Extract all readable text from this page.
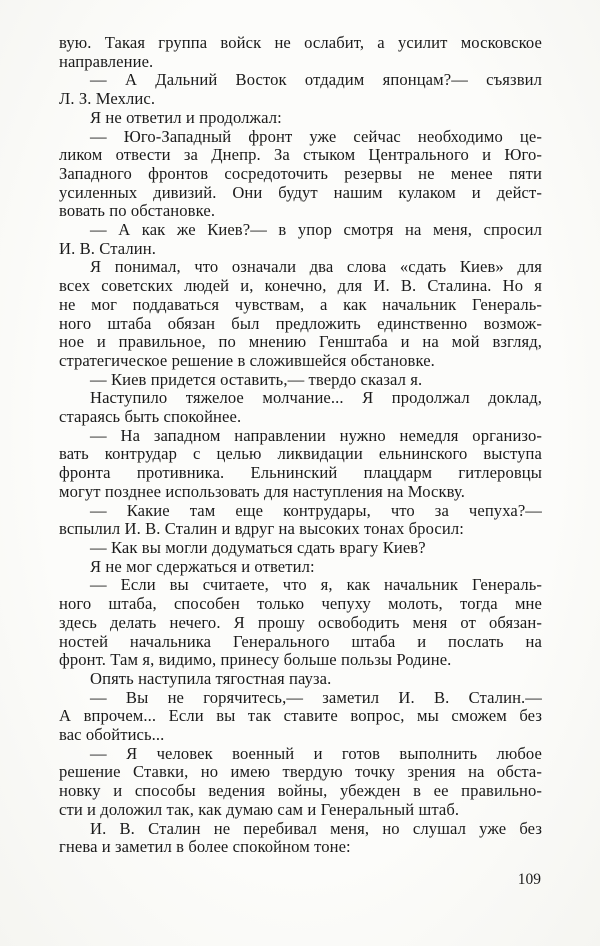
вую. Такая группа войск не ослабит, а усилит московское
направление.
— А Дальний Восток отдадим японцам?— съязвил
Л. З. Мехлис.
Я не ответил и продолжал:
— Юго-Западный фронт уже сейчас необходимо це-
ликом отвести за Днепр. За стыком Центрального и Юго-
Западного фронтов сосредоточить резервы не менее пяти
усиленных дивизий. Они будут нашим кулаком и дейст-
вовать по обстановке.
— А как же Киев?— в упор смотря на меня, спросил
И. В. Сталин.
Я понимал, что означали два слова «сдать Киев» для
всех советских людей и, конечно, для И. В. Сталина. Но я
не мог поддаваться чувствам, а как начальник Генераль-
ного штаба обязан был предложить единственно возмож-
ное и правильное, по мнению Генштаба и на мой взгляд,
стратегическое решение в сложившейся обстановке.
— Киев придется оставить,— твердо сказал я.
Наступило тяжелое молчание... Я продолжал доклад,
стараясь быть спокойнее.
— На западном направлении нужно немедля организо-
вать контрудар с целью ликвидации ельнинского выступа
фронта противника. Ельнинский плацдарм гитлеровцы
могут позднее использовать для наступления на Москву.
— Какие там еще контрудары, что за чепуха?—
вспылил И. В. Сталин и вдруг на высоких тонах бросил:
— Как вы могли додуматься сдать врагу Киев?
Я не мог сдержаться и ответил:
— Если вы считаете, что я, как начальник Генераль-
ного штаба, способен только чепуху молоть, тогда мне
здесь делать нечего. Я прошу освободить меня от обязан-
ностей начальника Генерального штаба и послать на
фронт. Там я, видимо, принесу больше пользы Родине.
Опять наступила тягостная пауза.
— Вы не горячитесь,— заметил И. В. Сталин.—
А впрочем... Если вы так ставите вопрос, мы сможем без
вас обойтись...
— Я человек военный и готов выполнить любое
решение Ставки, но имею твердую точку зрения на обста-
новку и способы ведения войны, убежден в ее правильно-
сти и доложил так, как думаю сам и Генеральный штаб.
И. В. Сталин не перебивал меня, но слушал уже без
гнева и заметил в более спокойном тоне:
109
